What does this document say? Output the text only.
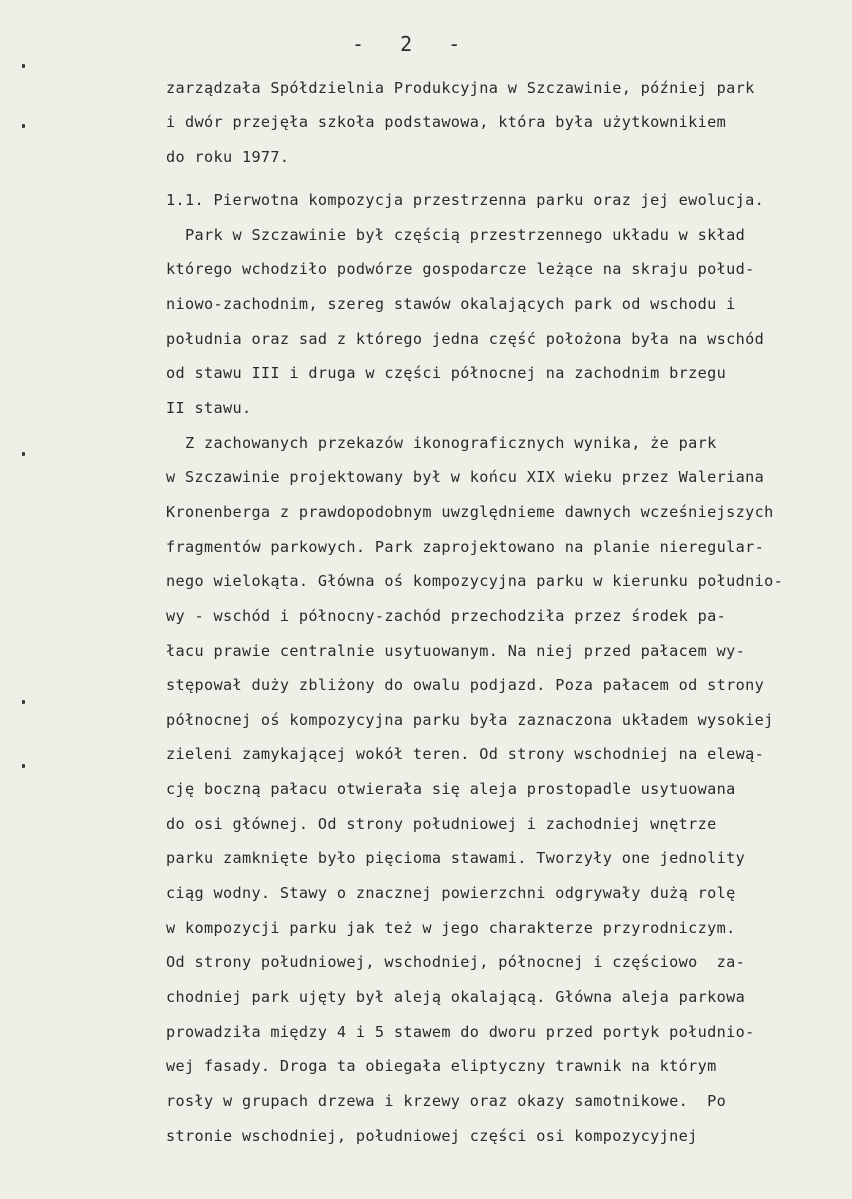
-  2  -
zarządzała Spółdzielnia Produkcyjna w Szczawinie, później park
i dwór przejęła szkoła podstawowa, która była użytkownikiem
do roku 1977.
1.1. Pierwotna kompozycja przestrzenna parku oraz jej ewolucja.
Park w Szczawinie był częścią przestrzennego układu w skład
którego wchodziło podwórze gospodarcze leżące na skraju połud-
niowo-zachodnim, szereg stawów okalających park od wschodu i
południa oraz sad z którego jedna część położona była na wschód
od stawu III i druga w części północnej na zachodnim brzegu
II stawu.
Z zachowanych przekazów ikonograficznych wynika, że park
w Szczawinie projektowany był w końcu XIX wieku przez Waleriana
Kronenberga z prawdopodobnym uwzględnieme dawnych wcześniejszych
fragmentów parkowych. Park zaprojektowano na planie nieregular-
nego wielokąta. Główna oś kompozycyjna parku w kierunku południo-
wy - wschód i północny-zachód przechodziła przez środek pa-
łacu prawie centralnie usytuowanym. Na niej przed pałacem wy-
stępował duży zbliżony do owalu podjazd. Poza pałacem od strony
północnej oś kompozycyjna parku była zaznaczona układem wysokiej
zieleni zamykającej wokół teren. Od strony wschodniej na elewą-
cję boczną pałacu otwierała się aleja prostopadle usytuowana
do osi głównej. Od strony południowej i zachodniej wnętrze
parku zamknięte było pięcioma stawami. Tworzyły one jednolity
ciąg wodny. Stawy o znacznej powierzchni odgrywały dużą rolę
w kompozycji parku jak też w jego charakterze przyrodniczym.
Od strony południowej, wschodniej, północnej i częściowo  za-
chodniej park ujęty był aleją okalającą. Główna aleja parkowa
prowadziła między 4 i 5 stawem do dworu przed portyk południo-
wej fasady. Droga ta obiegała eliptyczny trawnik na którym
rosły w grupach drzewa i krzewy oraz okazy samotnikowe.  Po
stronie wschodniej, południowej części osi kompozycyjnej
